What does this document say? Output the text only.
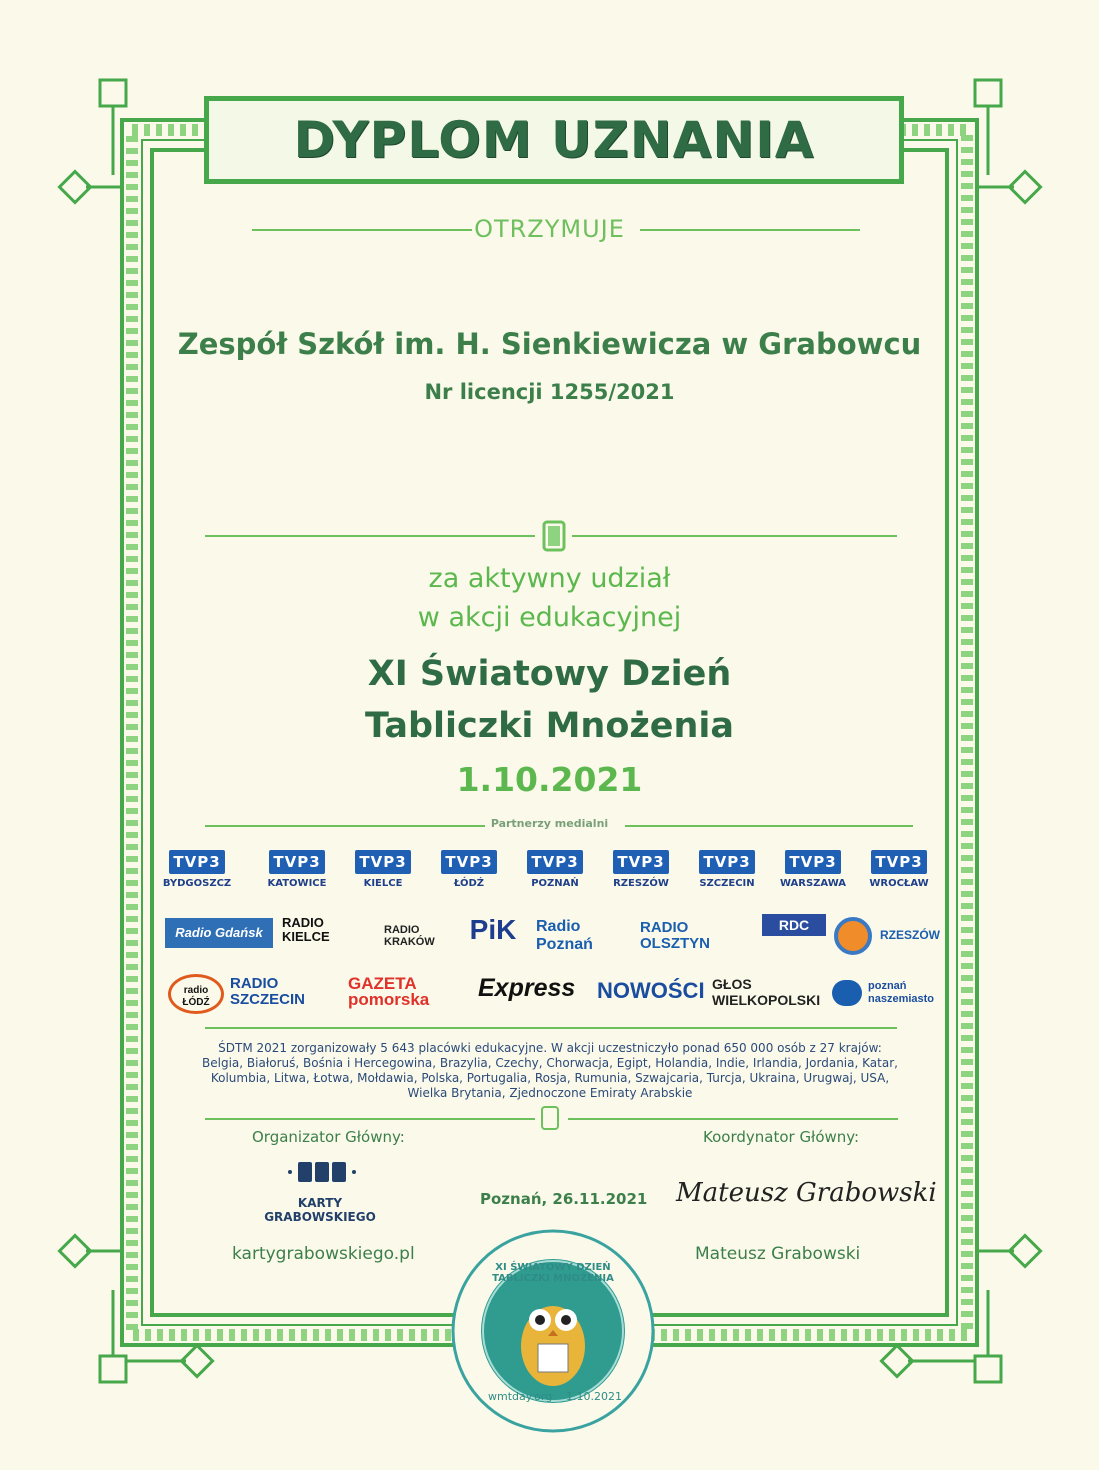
DYPLOM UZNANIA
OTRZYMUJE
Zespół Szkół im. H. Sienkiewicza w Grabowcu
Nr licencji 1255/2021
za aktywny udział
w akcji edukacyjnej
XI Światowy Dzień
Tabliczki Mnożenia
1.10.2021
Partnerzy medialni
TVP3
BYDGOSZCZ
TVP3
KATOWICE
TVP3
KIELCE
TVP3
ŁÓDŹ
TVP3
POZNAŃ
TVP3
RZESZÓW
TVP3
SZCZECIN
TVP3
WARSZAWA
TVP3
WROCŁAW
Radio Gdańsk
RADIO KIELCE	RADIO KRAKÓW	PiK	Radio Poznań
RADIO OLSZTYN
RDC
RZESZÓW
radio ŁÓDŹ
RADIO SZCZECIN
GAZETA pomorska	Express NOWOŚCI GŁOS WIELKOPOLSKI
poznań naszemiasto
ŚDTM 2021 zorganizowały 5 643 placówki edukacyjne. W akcji uczestniczyło ponad 650 000 osób z 27 krajów: Belgia, Białoruś, Bośnia i Hercegowina, Brazylia, Czechy, Chorwacja, Egipt, Holandia, Indie, Irlandia, Jordania, Katar, Kolumbia, Litwa, Łotwa, Mołdawia, Polska, Portugalia, Rosja, Rumunia, Szwajcaria, Turcja, Ukraina, Urugwaj, USA, Wielka Brytania, Zjednoczone Emiraty Arabskie
Organizator Główny:	Koordynator Główny:
KARTY
GRABOWSKIEGO
kartygrabowskiego.pl
Poznań, 26.11.2021 Mateusz Grabowski
Mateusz Grabowski
XI ŚWIATOWY DZIEŃ TABLICZKI MNOŻENIA
wmtday.org 1.10.2021
